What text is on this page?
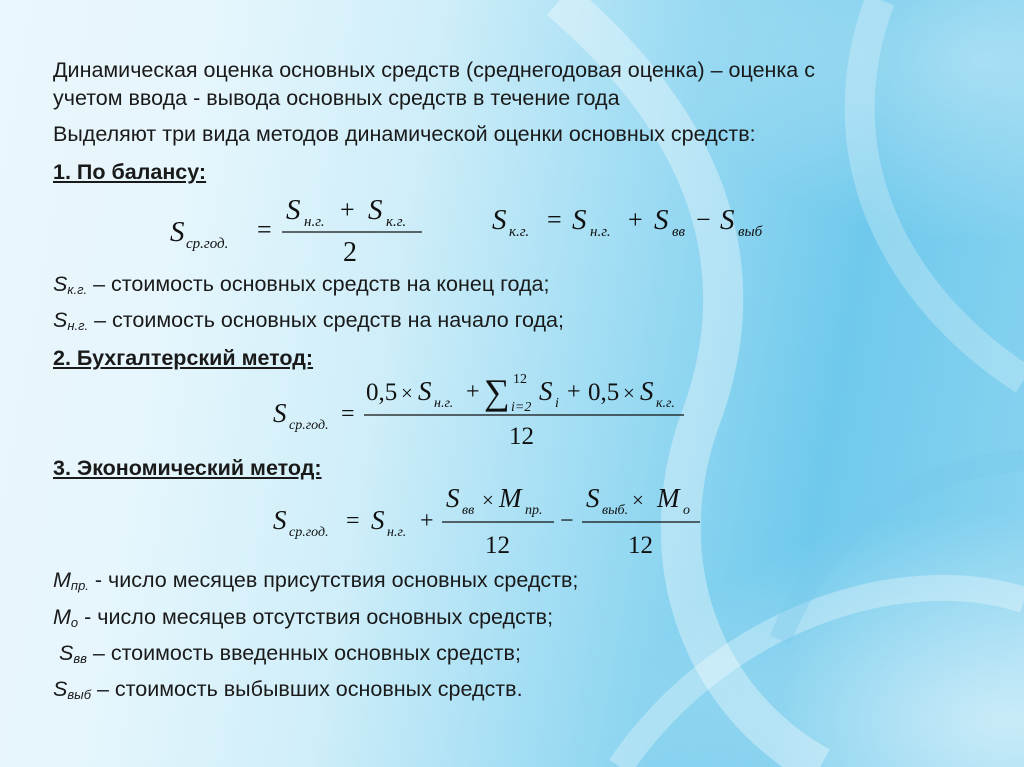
Динамическая оценка основных средств (среднегодовая оценка) – оценка с
учетом ввода - вывода основных средств в течение года
Выделяют три вида методов динамической оценки основных средств:
1. По балансу:
S ср.год. =
S н.г. + S к.г.
2
S к.г. = S н.г. + S вв − S выб
Sк.г. – стоимость основных средств на конец года;
Sн.г. – стоимость основных средств на начало года;
2. Бухгалтерский метод:
S ср.год. =
0,5 × S н.г. + ∑ 12
i=2
S i + 0,5 × S к.г.
12
3. Экономический метод:
S ср.год. = S н.г. +
S вв × M пр.
12
−
S выб. × M о
12
Мпр. - число месяцев присутствия основных средств;
Мо - число месяцев отсутствия основных средств;
Sвв – стоимость введенных основных средств;
Sвыб – стоимость выбывших основных средств.
